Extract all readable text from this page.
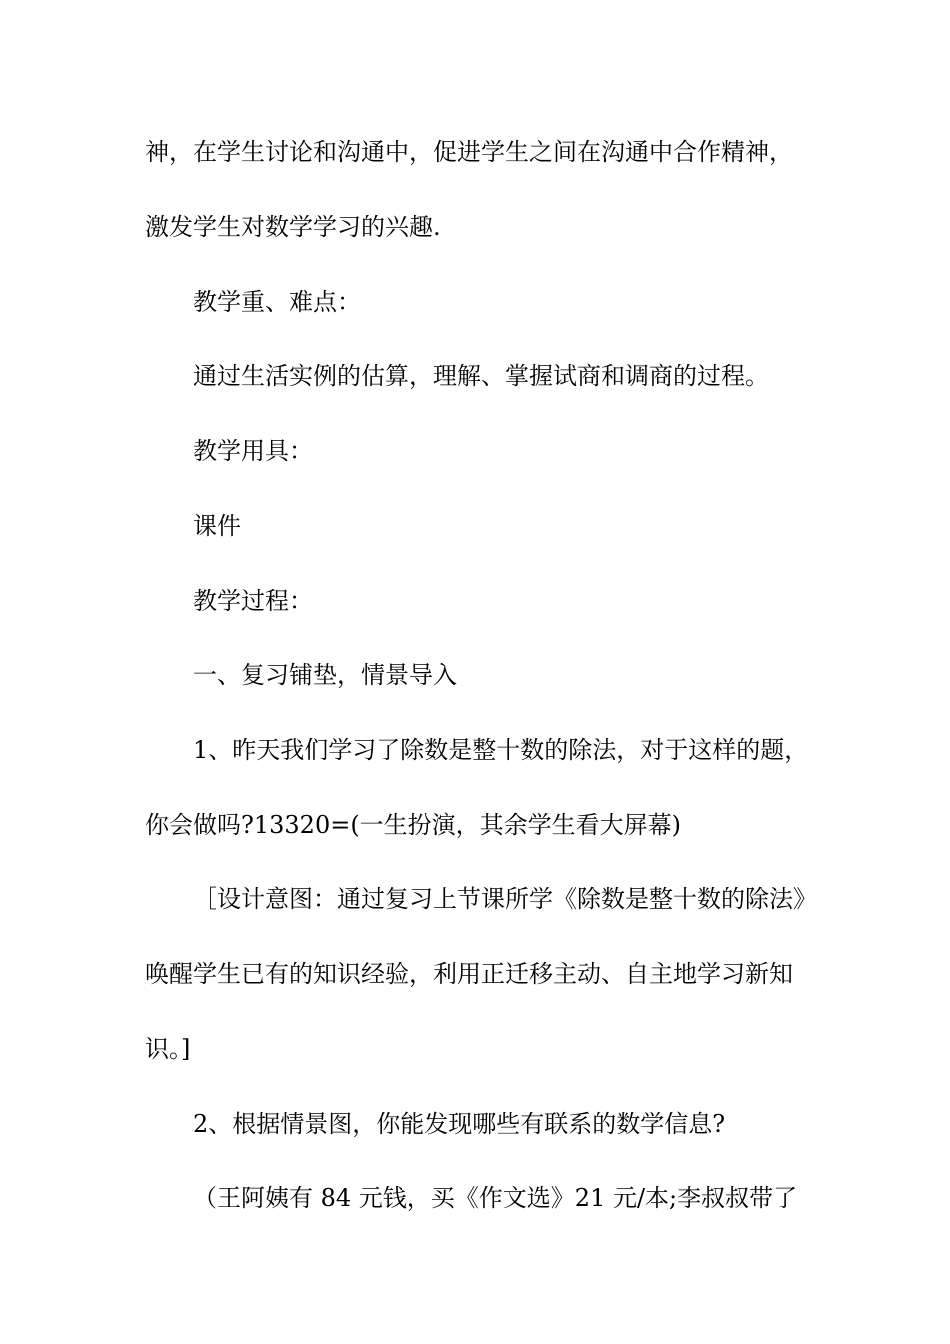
神，在学生讨论和沟通中，促进学生之间在沟通中合作精神，
激发学生对数学学习的兴趣.
教学重、难点：
通过生活实例的估算，理解、掌握试商和调商的过程。
教学用具：
课件
教学过程：
一、复习铺垫，情景导入
1、昨天我们学习了除数是整十数的除法，对于这样的题，
你会做吗?13320=(一生扮演，其余学生看大屏幕)
［设计意图：通过复习上节课所学《除数是整十数的除法》
唤醒学生已有的知识经验，利用正迁移主动、自主地学习新知
识。]
2、根据情景图，你能发现哪些有联系的数学信息?
（王阿姨有 84 元钱，买《作文选》21 元/本;李叔叔带了
